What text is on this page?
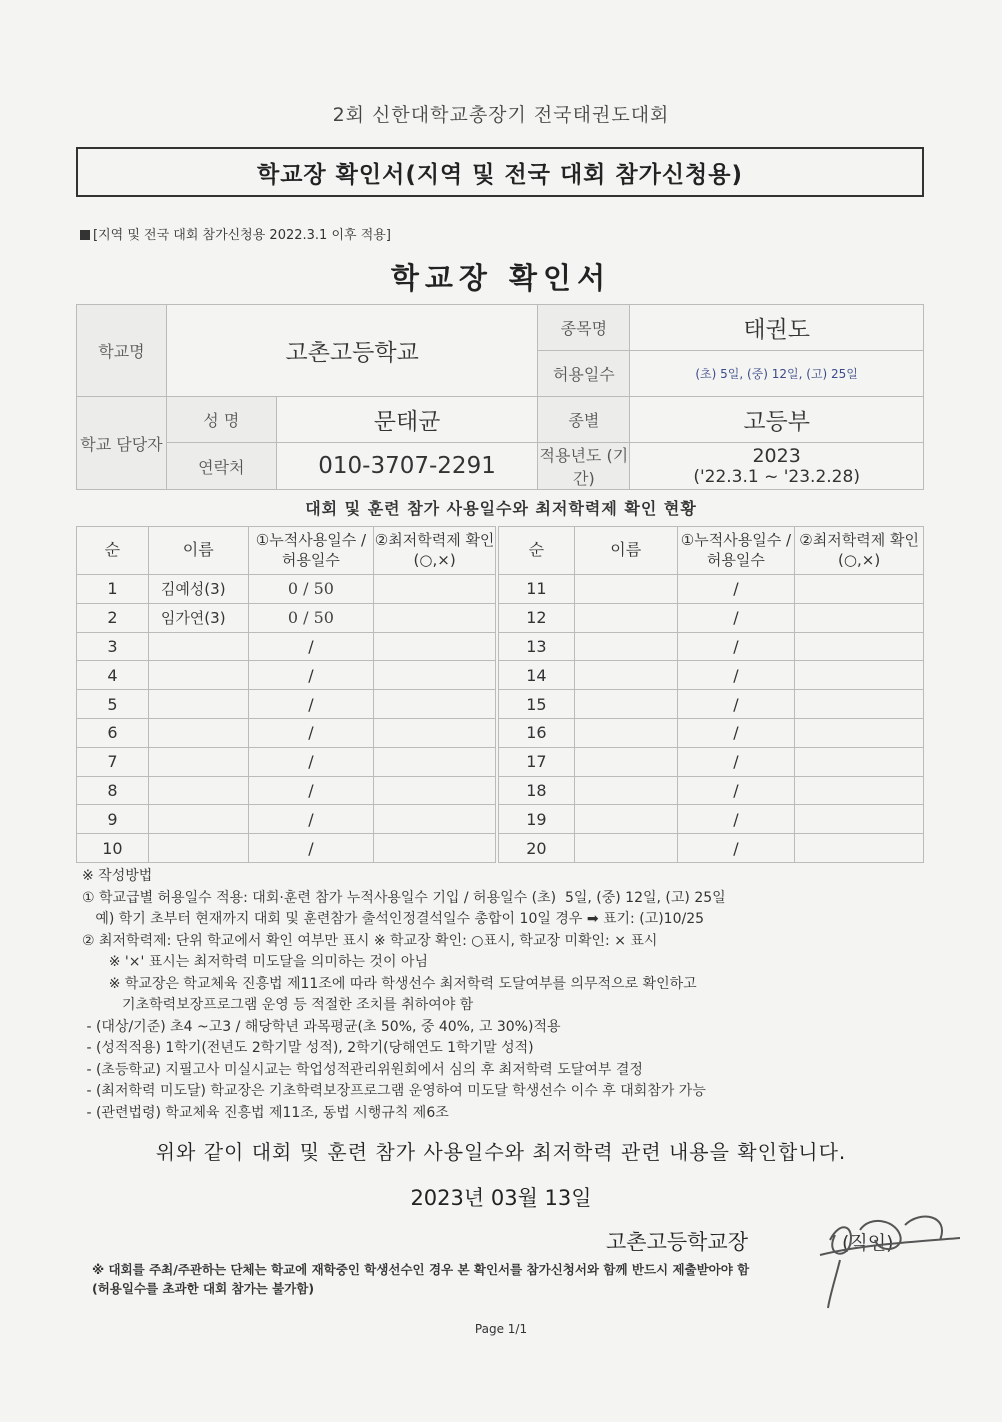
2회 신한대학교총장기 전국태권도대회
학교장 확인서(지역 및 전국 대회 참가신청용)
[지역 및 전국 대회 참가신청용 2022.3.1 이후 적용]
학교장 확인서
학교명	고촌고등학교		종목명	태권도
			허용일수	(초) 5일, (중) 12일, (고) 25일
학교 담당자	성 명	문태균	종별	고등부
	연락처	010-3707-2291	적용년도 (기간)	2023
('22.3.1 ~ '23.2.28)
대회 및 훈련 참가 사용일수와 최저학력제 확인 현황
순	이름	①누적사용일수 /허용일수	②최저학력제 확인(○,×)
1	김예성(3)	0 / 50	
2	임가연(3)	0 / 50	
3		/	
4		/	
5		/	
6		/	
7		/	
8		/	
9		/	
10		/	
순	이름	①누적사용일수 /허용일수	②최저학력제 확인(○,×)
11		/	
12		/	
13		/	
14		/	
15		/	
16		/	
17		/	
18		/	
19		/	
20		/	
※ 작성방법
① 학교급별 허용일수 적용: 대회·훈련 참가 누적사용일수 기입 / 허용일수 (초)  5일, (중) 12일, (고) 25일
예) 학기 초부터 현재까지 대회 및 훈련참가 출석인정결석일수 총합이 10일 경우 ➡ 표기: (고)10/25
② 최저학력제: 단위 학교에서 확인 여부만 표시 ※ 학교장 확인: ○표시, 학교장 미확인: × 표시
※ '×' 표시는 최저학력 미도달을 의미하는 것이 아님
※ 학교장은 학교체육 진흥법 제11조에 따라 학생선수 최저학력 도달여부를 의무적으로 확인하고
기초학력보장프로그램 운영 등 적절한 조치를 취하여야 함
- (대상/기준) 초4 ~고3 / 해당학년 과목평균(초 50%, 중 40%, 고 30%)적용
- (성적적용) 1학기(전년도 2학기말 성적), 2학기(당해연도 1학기말 성적)
- (초등학교) 지필고사 미실시교는 학업성적관리위원회에서 심의 후 최저학력 도달여부 결정
- (최저학력 미도달) 학교장은 기초학력보장프로그램 운영하여 미도달 학생선수 이수 후 대회참가 가능
- (관련법령) 학교체육 진흥법 제11조, 동법 시행규칙 제6조
위와 같이 대회 및 훈련 참가 사용일수와 최저학력 관련 내용을 확인합니다.
2023년 03월 13일
고촌고등학교장	(직인)
※ 대회를 주최/주관하는 단체는 학교에 재학중인 학생선수인 경우 본 확인서를 참가신청서와 함께 반드시 제출받아야 함
(허용일수를 초과한 대회 참가는 불가함)
Page 1/1
